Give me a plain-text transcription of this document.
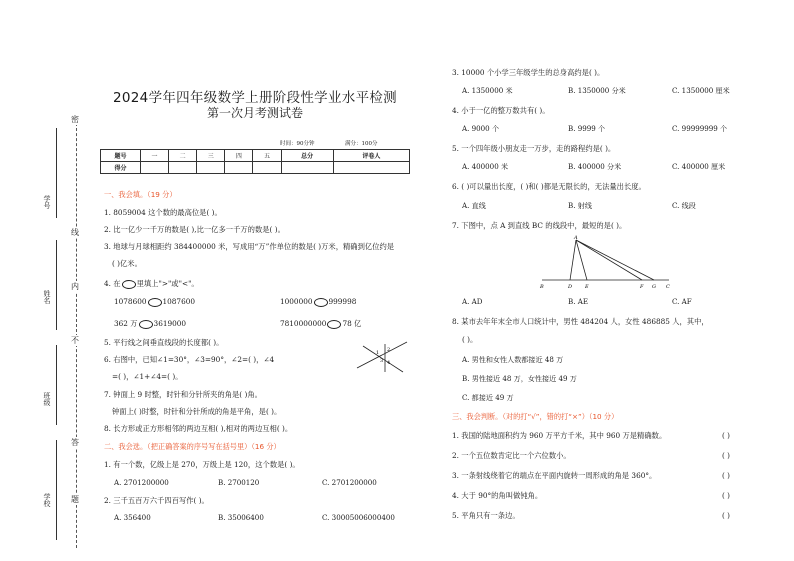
密
线
内
不
答
题
学号
姓名
班级
学校
2024学年四年级数学上册阶段性学业水平检测
第一次月考测试卷
时间：90分钟	满分：100分
题号	一	二	三	四	五	总分	评卷人
得分							
一、我会填。（19 分）
1. 8059004 这个数的最高位是( )。
2. 比一亿少一千万的数是( ),比一亿多一千万的数是( )。
3. 地球与月球相距约 384400000 米，写成用“万”作单位的数是( )万米，精确到亿位约是
( )亿米。
4. 在 里填上">"或"<"。
1078600 1087600	1000000 999998
362 万 3619000	7810000000 78 亿
5. 平行线之间垂直线段的长度都( )。
6. 右图中，已知∠1=30°，∠3=90°，∠2=( )，∠4
=( )，∠1+∠4=( )。
1 2
3 4
7. 钟面上 9 时整，时针和分针所夹的角是( )角。
钟面上( )时整，时针和分针所成的角是平角，是( )。
8. 长方形或正方形相邻的两边互相( ),相对的两边互相( )。
二、我会选。（把正确答案的序号写在括号里）（16 分）
1. 有一个数，亿级上是 270，万级上是 120，这个数是( )。
A. 2701200000	B. 2700120	C. 2701200000
2. 三千五百万六千四百写作( )。
A. 356400	B. 35006400	C. 30005006000400
3. 10000 个小学三年级学生的总身高约是( )。
A. 1350000 米	B. 1350000 分米	C. 1350000 厘米
4. 小于一亿的整万数共有( )。
A. 9000 个	B. 9999 个	C. 99999999 个
5. 一个四年级小朋友走一万步，走的路程约是( )。
A. 400000 米	B. 400000 分米	C. 400000 厘米
6. ( )可以量出长度，( )和( )都是无限长的，无法量出长度。
A. 直线	B. 射线	C. 线段
7. 下图中，点 A 到直线 BC 的线段中，最短的是( )。
A
B	D	E	F G C
A. AD	B. AE	C. AF
8. 某市去年年末全市人口统计中，男性 484204 人，女性 486885 人，其中，
( )。
A. 男性和女性人数都接近 48 万
B. 男性接近 48 万，女性接近 49 万
C. 都接近 49 万
三、我会判断。（对的打“√”，错的打“×”）（10 分）
1. 我国的陆地面积约为 960 万平方千米，其中 960 万是精确数。	( )
2. 一个五位数肯定比一个六位数小。	( )
3. 一条射线绕着它的端点在平面内旋转一周形成的角是 360°。	( )
4. 大于 90°的角叫做钝角。	( )
5. 平角只有一条边。	( )
